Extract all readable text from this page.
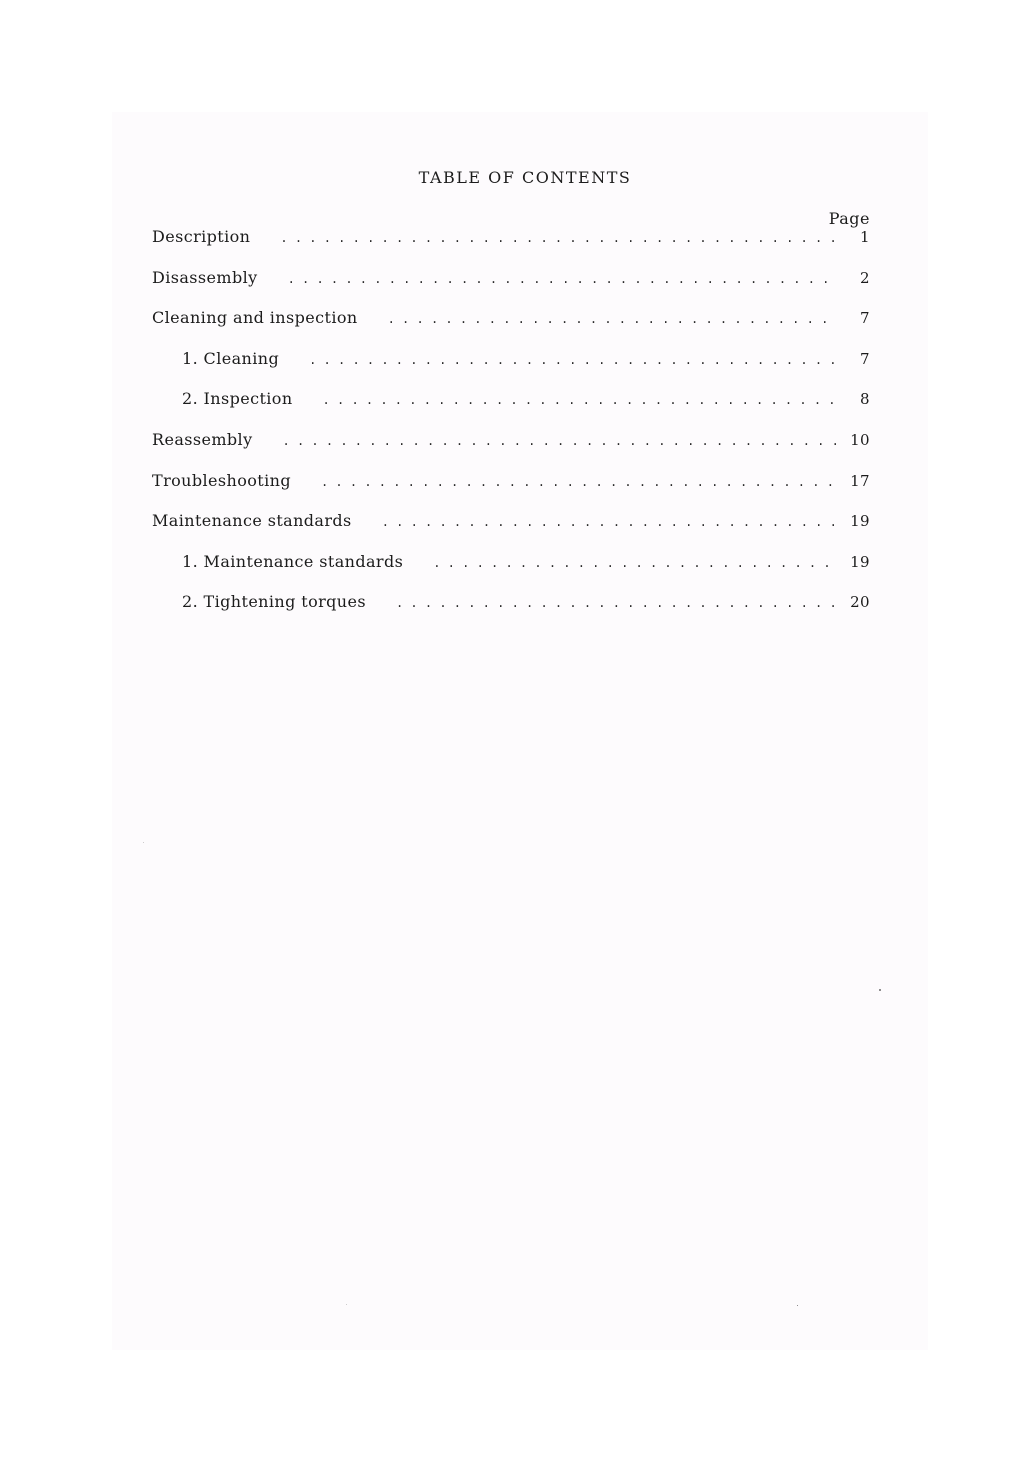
TABLE OF CONTENTS
Page
Description . . .	1
Disassembly . . .	2
Cleaning and inspection . . .	7
1. Cleaning . . .	7
2. Inspection . . .	8
Reassembly . . .	10
Troubleshooting . . .	17
Maintenance standards . . .	19
1. Maintenance standards . . .	19
2. Tightening torques . . .	20
